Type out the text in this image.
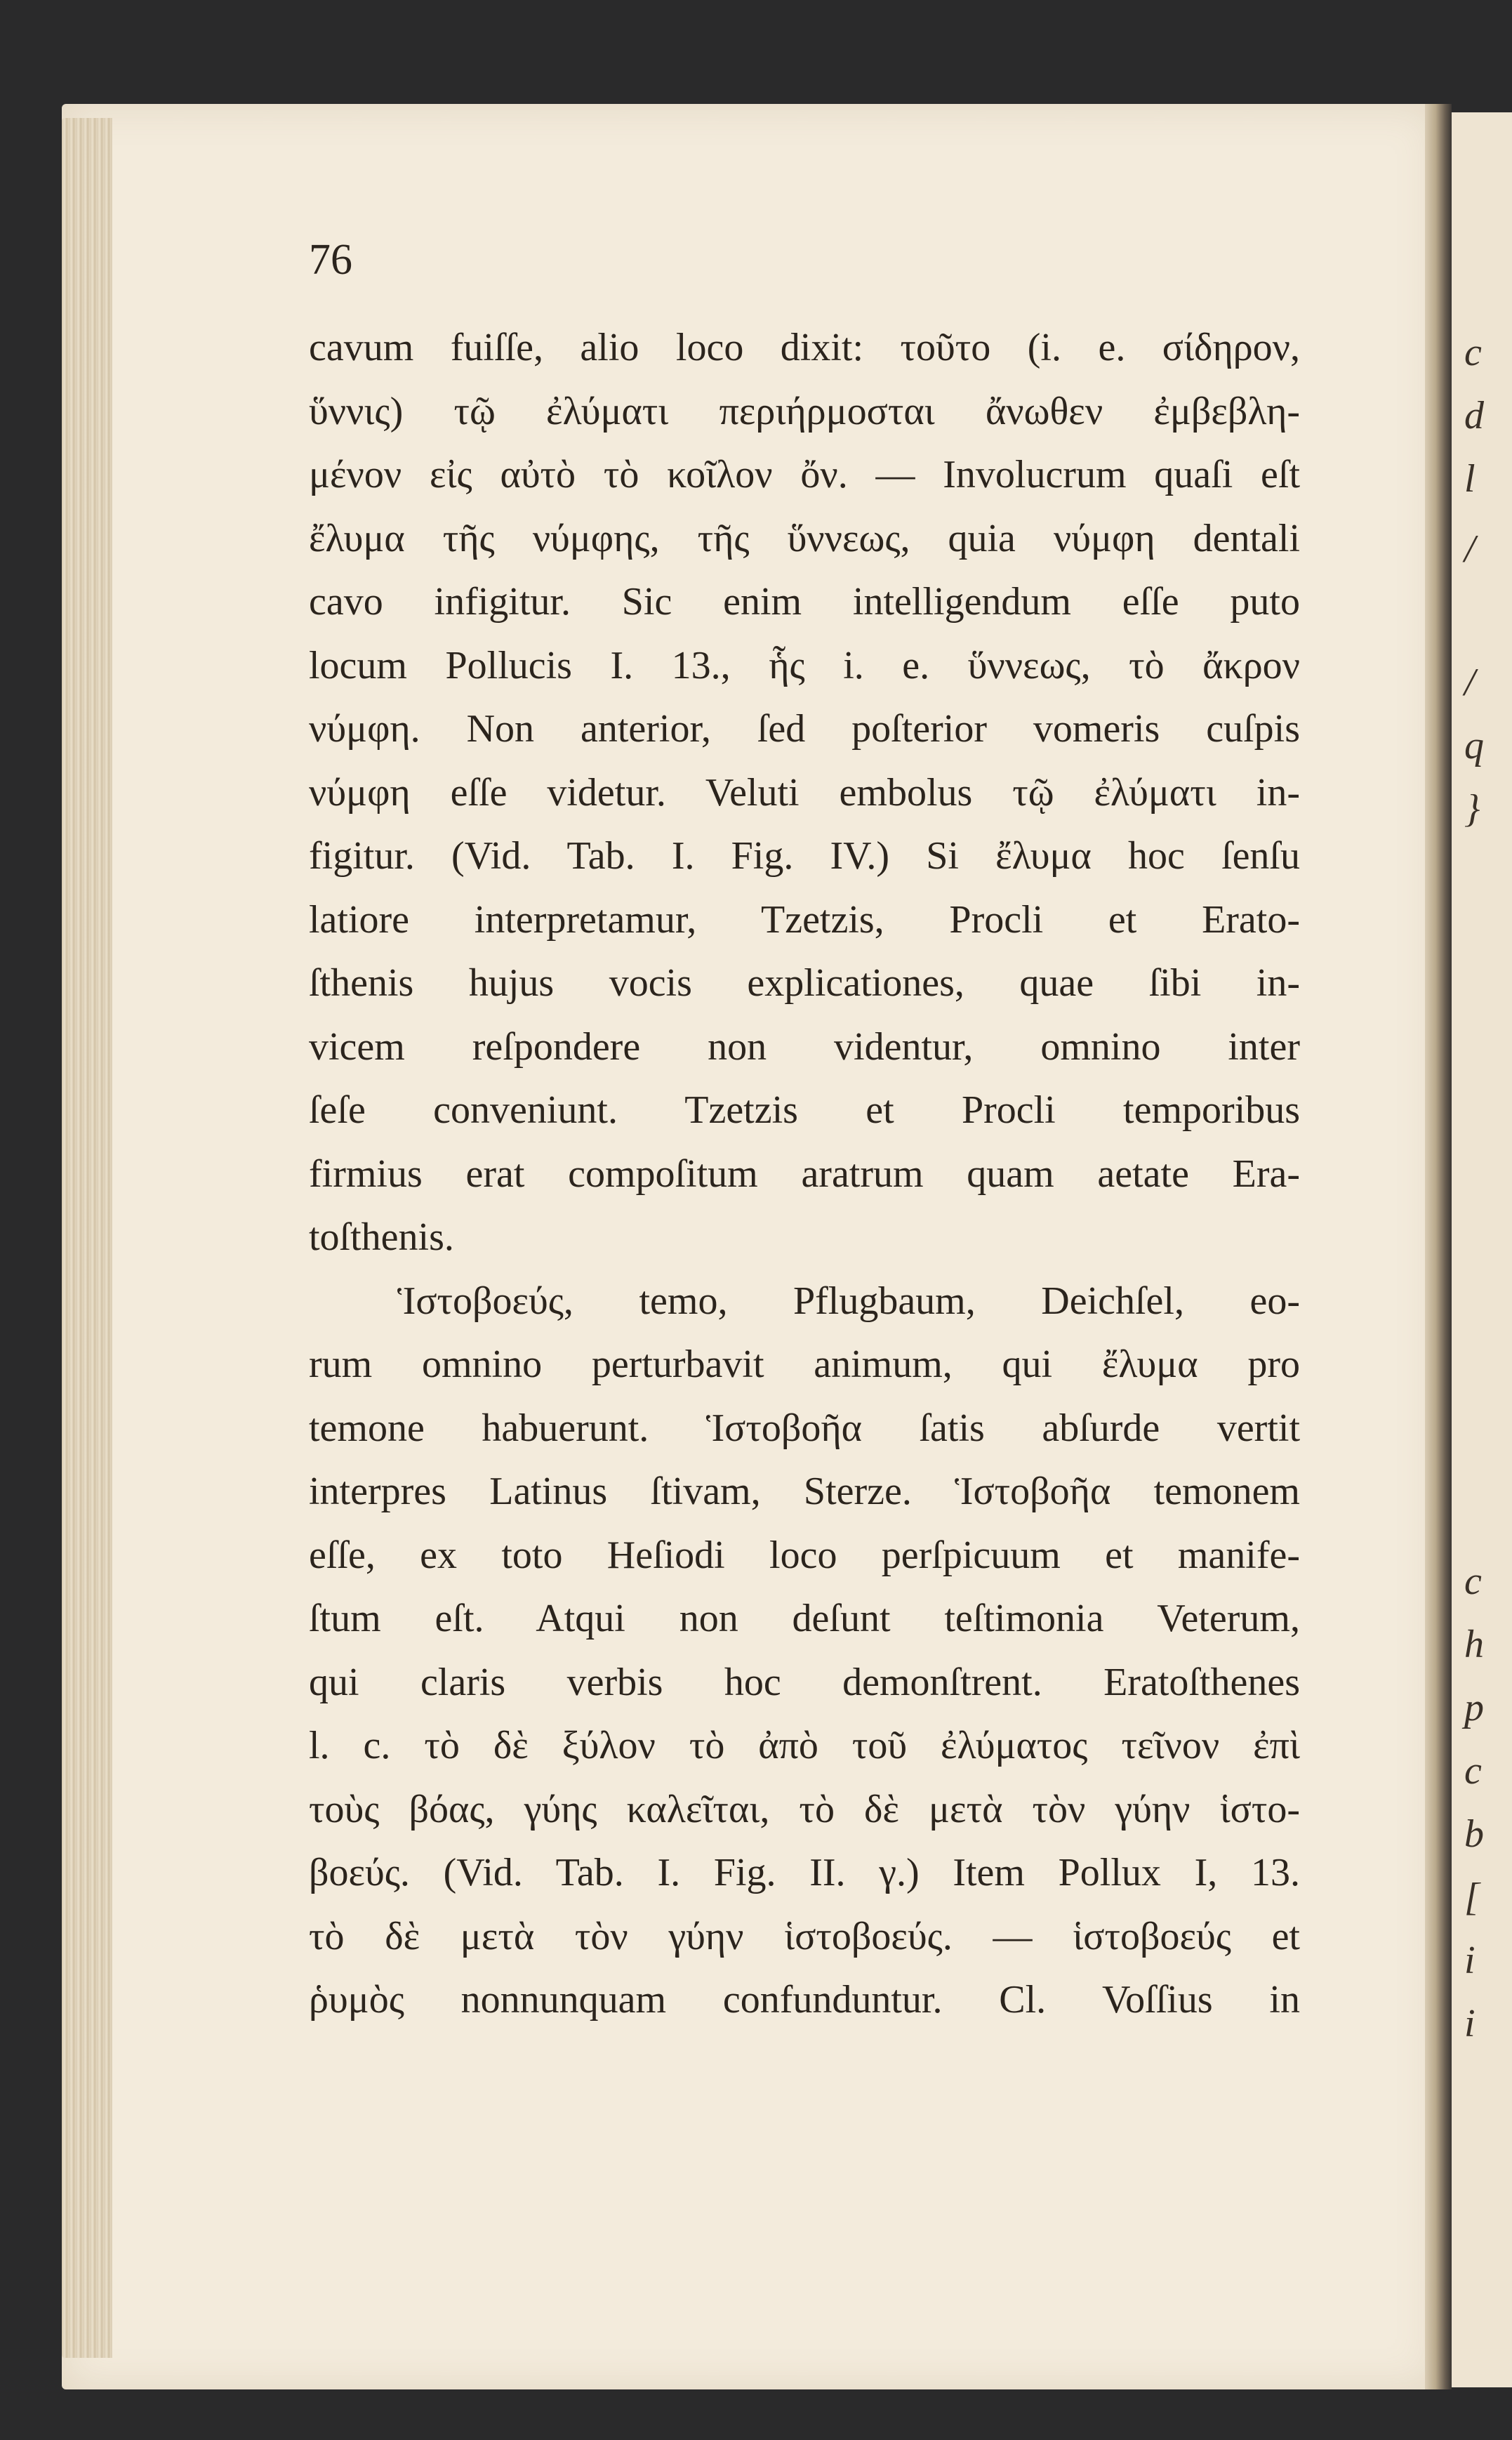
c
d
l
/
/
q
}
c
h
p
c
b
[
i
i
76
cavum fuiſſe, alio loco dixit: τοῦτο (i. e. σίδηρον,
ὕννις) τῷ ἐλύματι περιήρμοσται ἄνωθεν ἐμβεβλη-
μένον εἰς αὐτὸ τὸ κοῖλον ὄν. — Involucrum quaſi eſt
ἔλυμα τῆς νύμφης, τῆς ὕννεως, quia νύμφη dentali
cavo infigitur. Sic enim intelligendum eſſe puto
locum Pollucis I. 13., ἧς i. e. ὕννεως, τὸ ἄκρον
νύμφη. Non anterior, ſed poſterior vomeris cuſpis
νύμφη eſſe videtur. Veluti embolus τῷ ἐλύματι in-
figitur. (Vid. Tab. I. Fig. IV.) Si ἔλυμα hoc ſenſu
latiore interpretamur, Tzetzis, Procli et Erato-
ſthenis hujus vocis explicationes, quae ſibi in-
vicem reſpondere non videntur, omnino inter
ſeſe conveniunt. Tzetzis et Procli temporibus
firmius erat compoſitum aratrum quam aetate Era-
toſthenis.
Ἱστοβοεύς, temo, Pflugbaum, Deichſel, eo-
rum omnino perturbavit animum, qui ἔλυμα pro
temone habuerunt. Ἱστοβοῆα ſatis abſurde vertit
interpres Latinus ſtivam, Sterze. Ἱστοβοῆα temonem
eſſe, ex toto Heſiodi loco perſpicuum et manife-
ſtum eſt. Atqui non deſunt teſtimonia Veterum,
qui claris verbis hoc demonſtrent. Eratoſthenes
l. c. τὸ δὲ ξύλον τὸ ἀπὸ τοῦ ἐλύματος τεῖνον ἐπὶ
τοὺς βόας, γύης καλεῖται, τὸ δὲ μετὰ τὸν γύην ἱστο-
βοεύς. (Vid. Tab. I. Fig. II. γ.) Item Pollux I, 13.
τὸ δὲ μετὰ τὸν γύην ἱστοβοεύς. — ἱστοβοεύς et
ῥυμὸς nonnunquam confunduntur. Cl. Voſſius in
